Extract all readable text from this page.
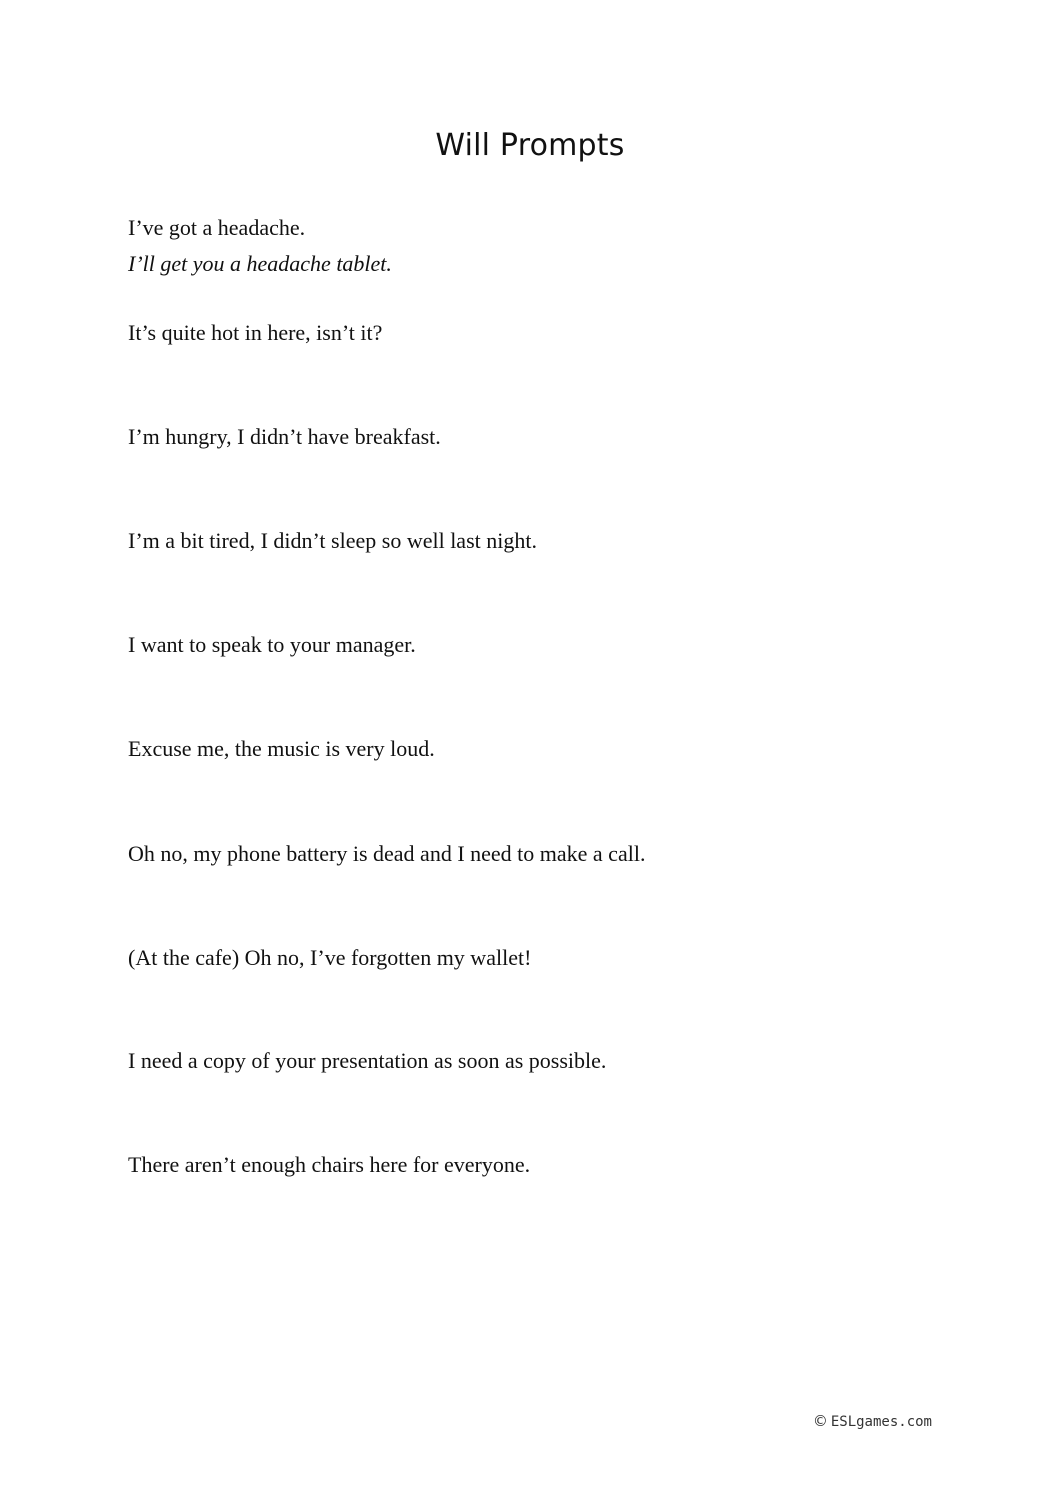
Will Prompts

I’ve got a headache.

I’ll get you a headache tablet.

It’s quite hot in here, isn’t it?

I’m hungry, I didn’t have breakfast.

I’m a bit tired, I didn’t sleep so well last night.

I want to speak to your manager.

Excuse me, the music is very loud.

Oh no, my phone battery is dead and I need to make a call.

(At the cafe) Oh no, I’ve forgotten my wallet!

I need a copy of your presentation as soon as possible.

There aren’t enough chairs here for everyone.

© ESLgames.com
